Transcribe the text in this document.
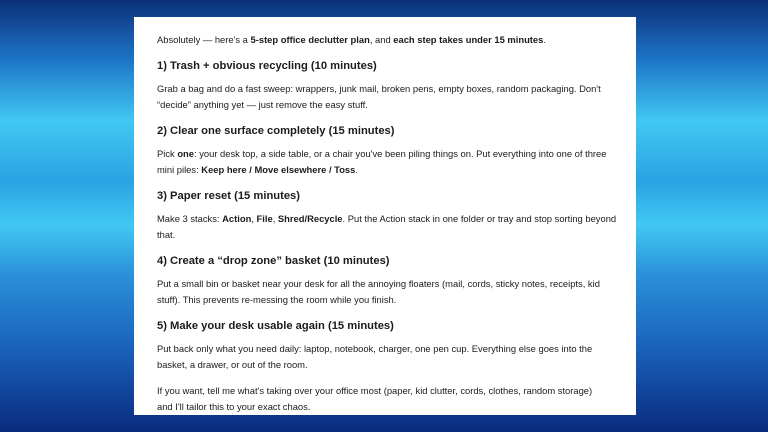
Absolutely — here's a 5-step office declutter plan, and each step takes under 15 minutes.

1) Trash + obvious recycling (10 minutes)

Grab a bag and do a fast sweep: wrappers, junk mail, broken pens, empty boxes, random packaging. Don't
“decide” anything yet — just remove the easy stuff.

2) Clear one surface completely (15 minutes)

Pick one: your desk top, a side table, or a chair you've been piling things on. Put everything into one of three
mini piles: Keep here / Move elsewhere / Toss.

3) Paper reset (15 minutes)

Make 3 stacks: Action, File, Shred/Recycle. Put the Action stack in one folder or tray and stop sorting beyond
that.

4) Create a “drop zone” basket (10 minutes)

Put a small bin or basket near your desk for all the annoying floaters (mail, cords, sticky notes, receipts, kid
stuff). This prevents re-messing the room while you finish.

5) Make your desk usable again (15 minutes)

Put back only what you need daily: laptop, notebook, charger, one pen cup. Everything else goes into the
basket, a drawer, or out of the room.

If you want, tell me what's taking over your office most (paper, kid clutter, cords, clothes, random storage)
and I'll tailor this to your exact chaos.
